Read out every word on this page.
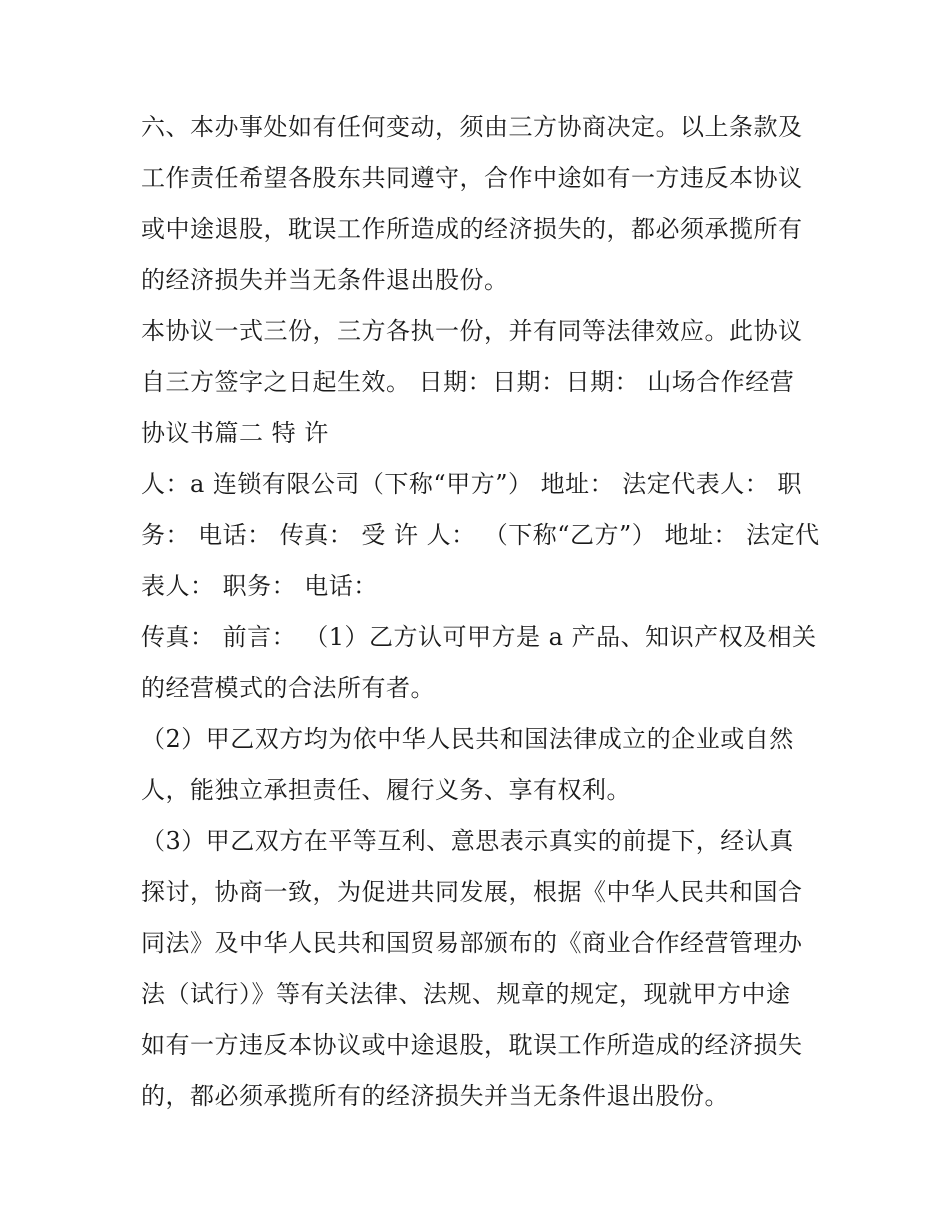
六、本办事处如有任何变动，须由三方协商决定。以上条款及
工作责任希望各股东共同遵守，合作中途如有一方违反本协议
或中途退股，耽误工作所造成的经济损失的，都必须承揽所有
的经济损失并当无条件退出股份。
本协议一式三份，三方各执一份，并有同等法律效应。此协议
自三方签字之日起生效。 日期：日期：日期： 山场合作经营
协议书篇二 特 许
人：a 连锁有限公司（下称“甲方”） 地址： 法定代表人： 职
务： 电话： 传真： 受 许 人： （下称“乙方”） 地址： 法定代
表人： 职务： 电话：
传真： 前言： （1）乙方认可甲方是 a 产品、知识产权及相关
的经营模式的合法所有者。
（2）甲乙双方均为依中华人民共和国法律成立的企业或自然
人，能独立承担责任、履行义务、享有权利。
（3）甲乙双方在平等互利、意思表示真实的前提下，经认真
探讨，协商一致，为促进共同发展，根据《中华人民共和国合
同法》及中华人民共和国贸易部颁布的《商业合作经营管理办
法（试行）》等有关法律、法规、规章的规定，现就甲方中途
如有一方违反本协议或中途退股，耽误工作所造成的经济损失
的，都必须承揽所有的经济损失并当无条件退出股份。
